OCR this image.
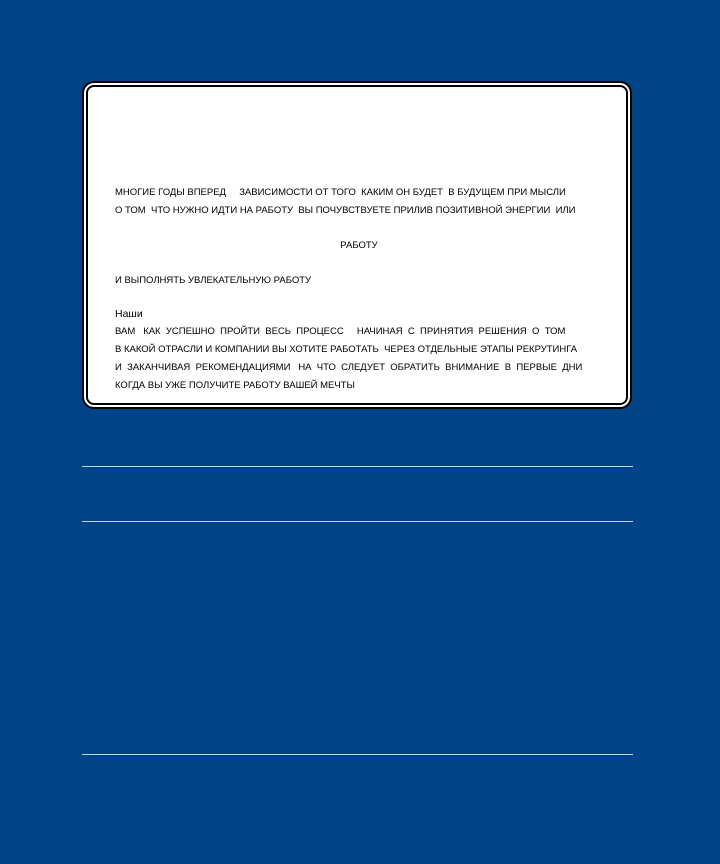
МНОГИЕ ГОДЫ ВПЕРЕД     ЗАВИСИМОСТИ ОТ ТОГО  КАКИМ ОН БУДЕТ  В БУДУЩЕМ ПРИ МЫСЛИ
О ТОМ  ЧТО НУЖНО ИДТИ НА РАБОТУ  ВЫ ПОЧУВСТВУЕТЕ ПРИЛИВ ПОЗИТИВНОЙ ЭНЕРГИИ  ИЛИ
РАБОТУ
И ВЫПОЛНЯТЬ УВЛЕКАТЕЛЬНУЮ РАБОТУ
Наши
ВАМ   КАК  УСПЕШНО  ПРОЙТИ  ВЕСЬ  ПРОЦЕСС     НАЧИНАЯ  С  ПРИНЯТИЯ  РЕШЕНИЯ  О  ТОМ
В КАКОЙ ОТРАСЛИ И КОМПАНИИ ВЫ ХОТИТЕ РАБОТАТЬ  ЧЕРЕЗ ОТДЕЛЬНЫЕ ЭТАПЫ РЕКРУТИНГА
И  ЗАКАНЧИВАЯ  РЕКОМЕНДАЦИЯМИ   НА  ЧТО  СЛЕДУЕТ  ОБРАТИТЬ  ВНИМАНИЕ  В  ПЕРВЫЕ  ДНИ
КОГДА ВЫ УЖЕ ПОЛУЧИТЕ РАБОТУ ВАШЕЙ МЕЧТЫ
